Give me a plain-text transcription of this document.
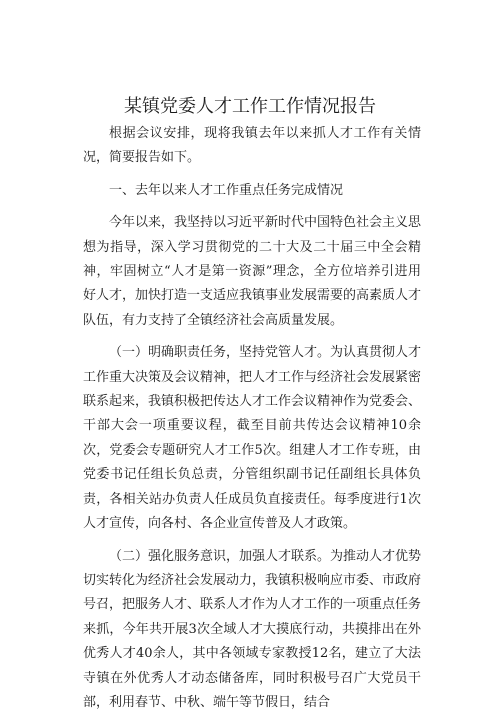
某镇党委人才工作工作情况报告

根据会议安排，现将我镇去年以来抓人才工作有关情况，简要报告如下。

一、去年以来人才工作重点任务完成情况

今年以来，我坚持以习近平新时代中国特色社会主义思想为指导，深入学习贯彻党的二十大及二十届三中全会精神，牢固树立“人才是第一资源”理念，全方位培养引进用好人才，加快打造一支适应我镇事业发展需要的高素质人才队伍，有力支持了全镇经济社会高质量发展。

（一）明确职责任务，坚持党管人才。为认真贯彻人才工作重大决策及会议精神，把人才工作与经济社会发展紧密联系起来，我镇积极把传达人才工作会议精神作为党委会、干部大会一项重要议程，截至目前共传达会议精神10余次，党委会专题研究人才工作5次。组建人才工作专班，由党委书记任组长负总责，分管组织副书记任副组长具体负责，各相关站办负责人任成员负直接责任。每季度进行1次人才宣传，向各村、各企业宣传普及人才政策。

（二）强化服务意识，加强人才联系。为推动人才优势切实转化为经济社会发展动力，我镇积极响应市委、市政府号召，把服务人才、联系人才作为人才工作的一项重点任务来抓，今年共开展3次全域人才大摸底行动，共摸排出在外优秀人才40余人，其中各领域专家教授12名，建立了大法寺镇在外优秀人才动态储备库，同时积极号召广大党员干部，利用春节、中秋、端午等节假日，结合
